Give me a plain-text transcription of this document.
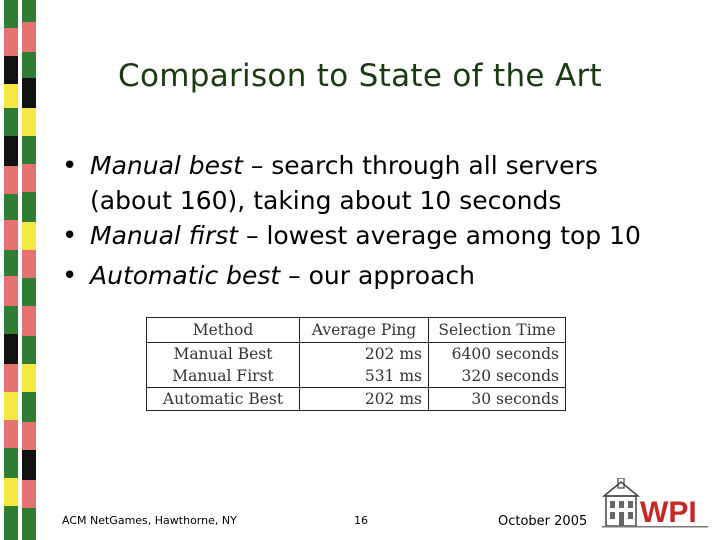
Comparison to State of the Art
• Manual best – search through all servers
(about 160), taking about 10 seconds
• Manual first – lowest average among top 10
• Automatic best – our approach
Method	Average Ping	Selection Time
Manual Best	202 ms	6400 seconds
Manual First	531 ms	320 seconds
Automatic Best	202 ms	30 seconds
ACM NetGames, Hawthorne, NY	16	October 2005 WPI
